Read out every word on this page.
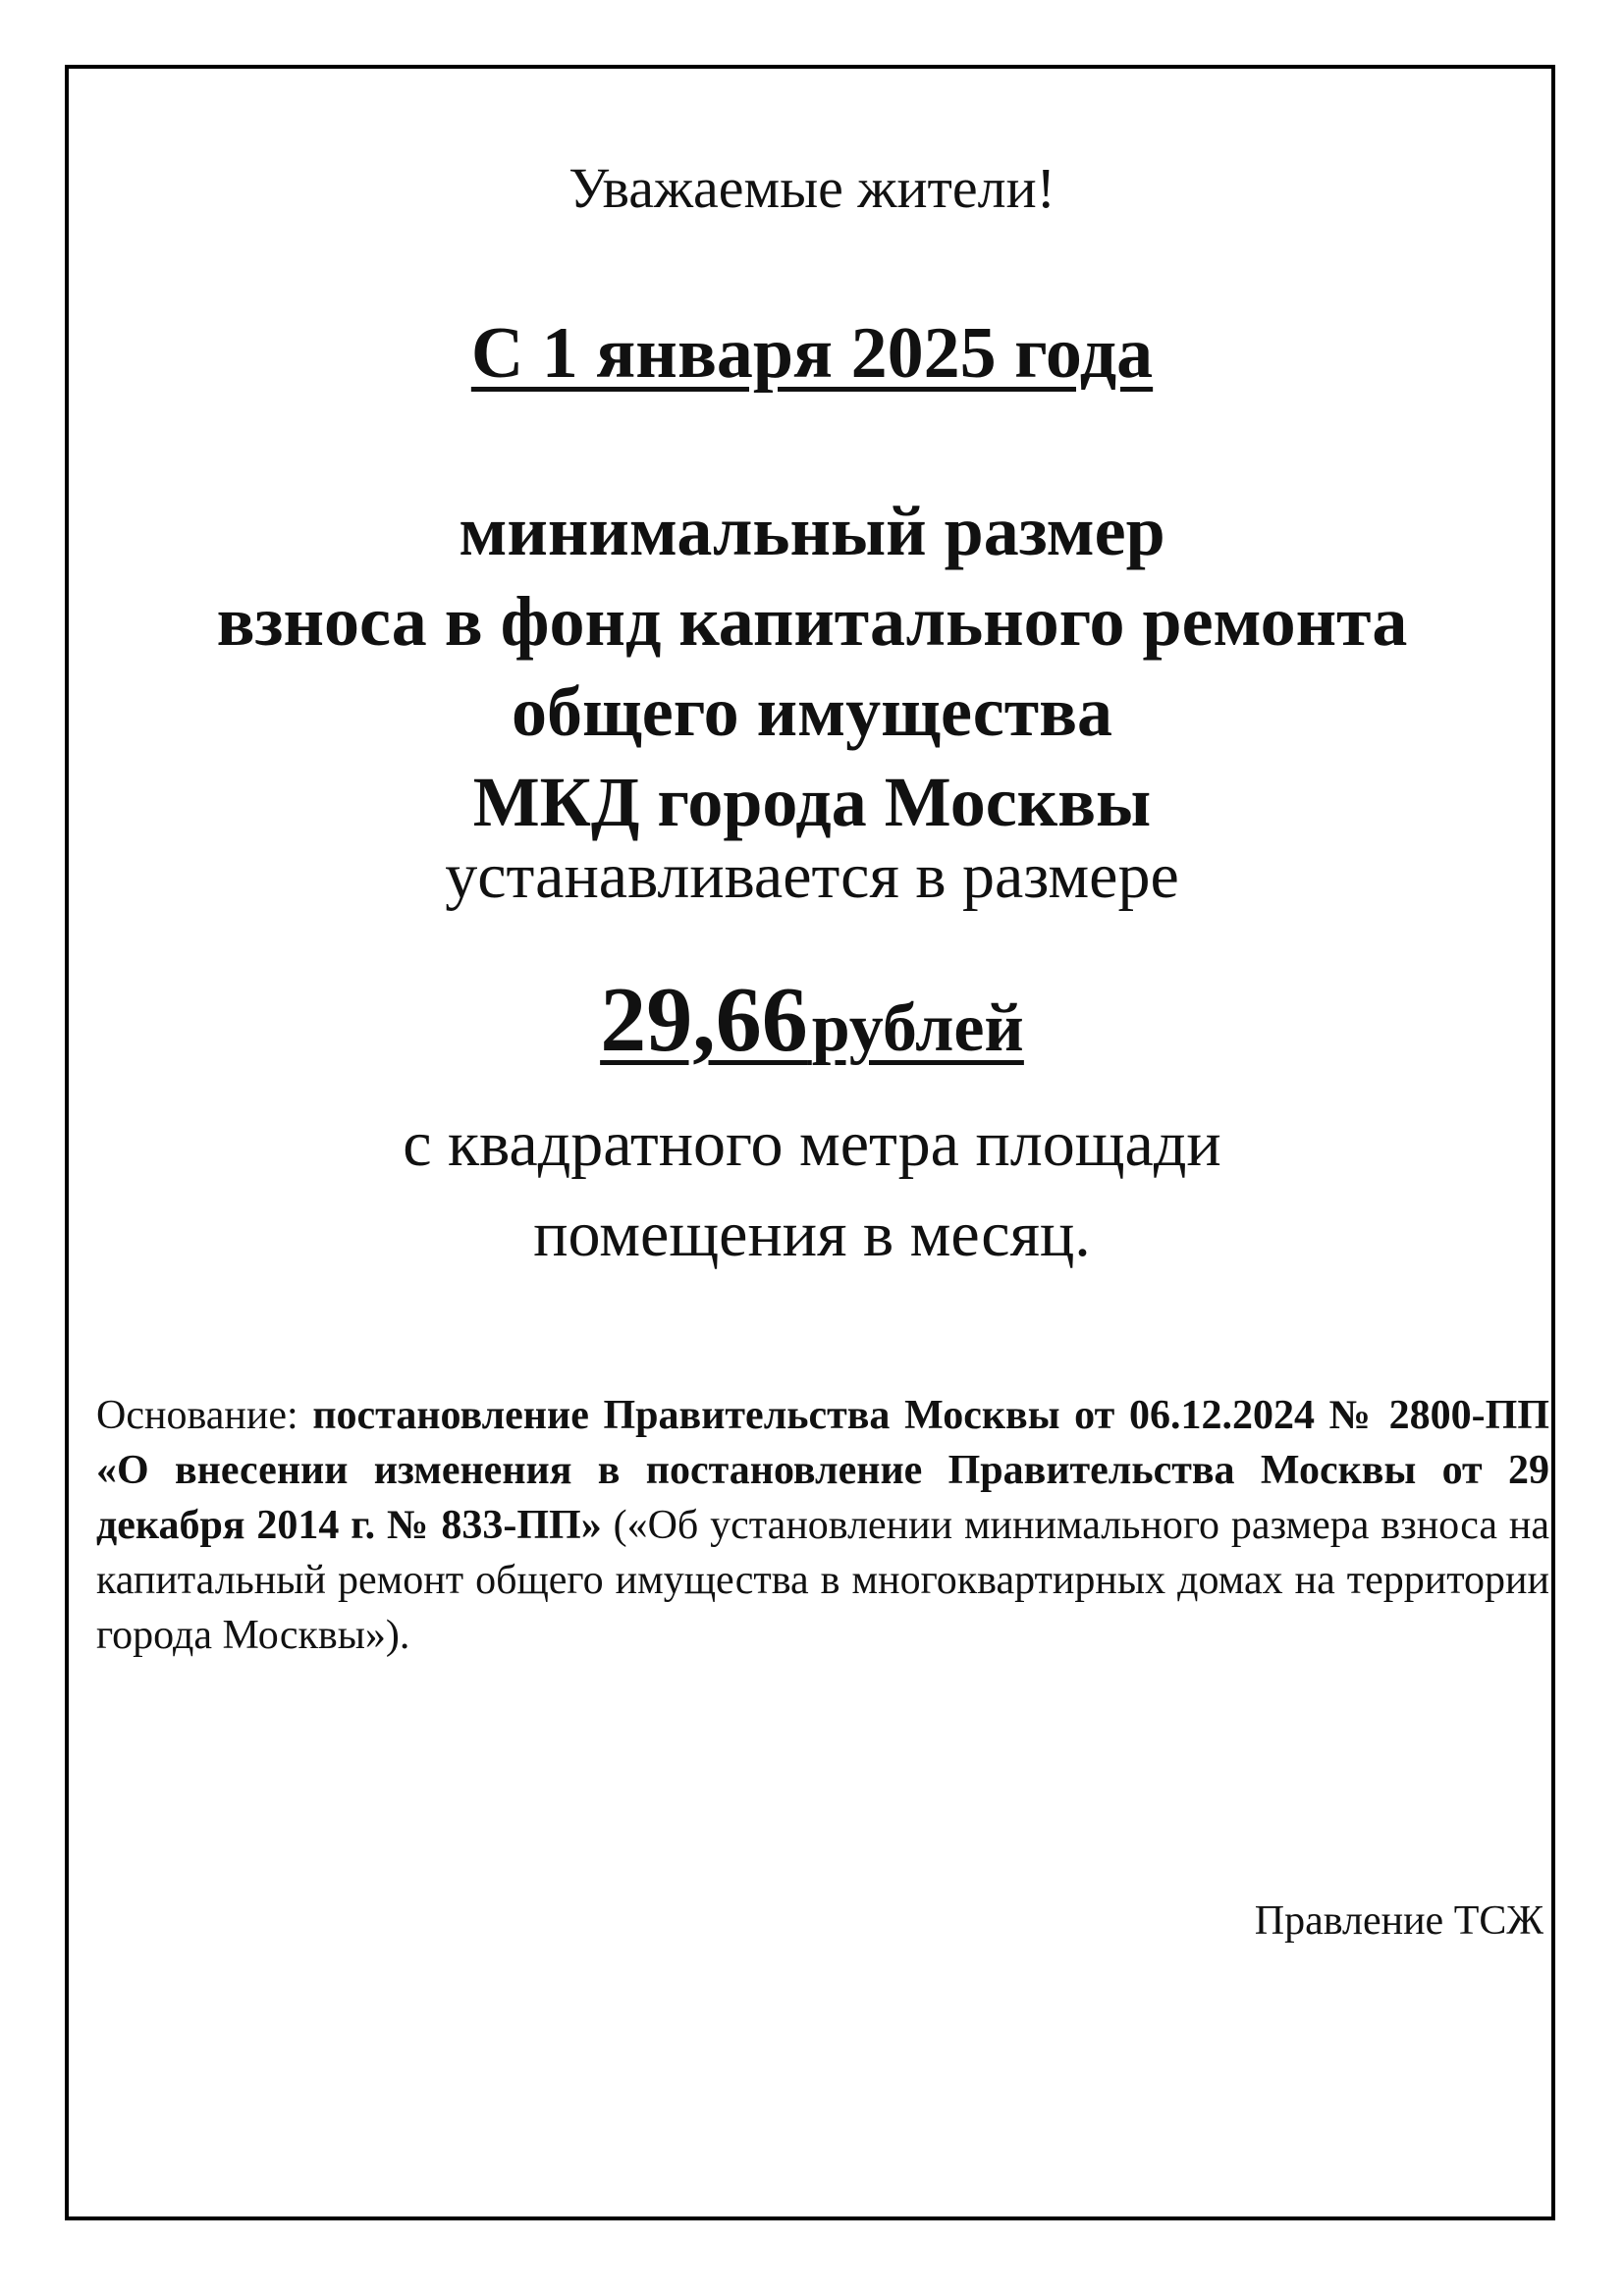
Уважаемые жители!
С 1 января 2025 года
минимальный размер
взноса в фонд капитального ремонта
общего имущества
МКД города Москвы
устанавливается в размере
29,66 рублей
с квадратного метра площади
помещения в месяц.
Основание: постановление Правительства Москвы от 06.12.2024 № 2800-ПП «О внесении изменения в постановление Правительства Москвы от 29 декабря 2014 г. № 833-ПП» («Об установлении минимального размера взноса на капитальный ремонт общего имущества в многоквартирных домах на территории города Москвы»).
Правление ТСЖ
